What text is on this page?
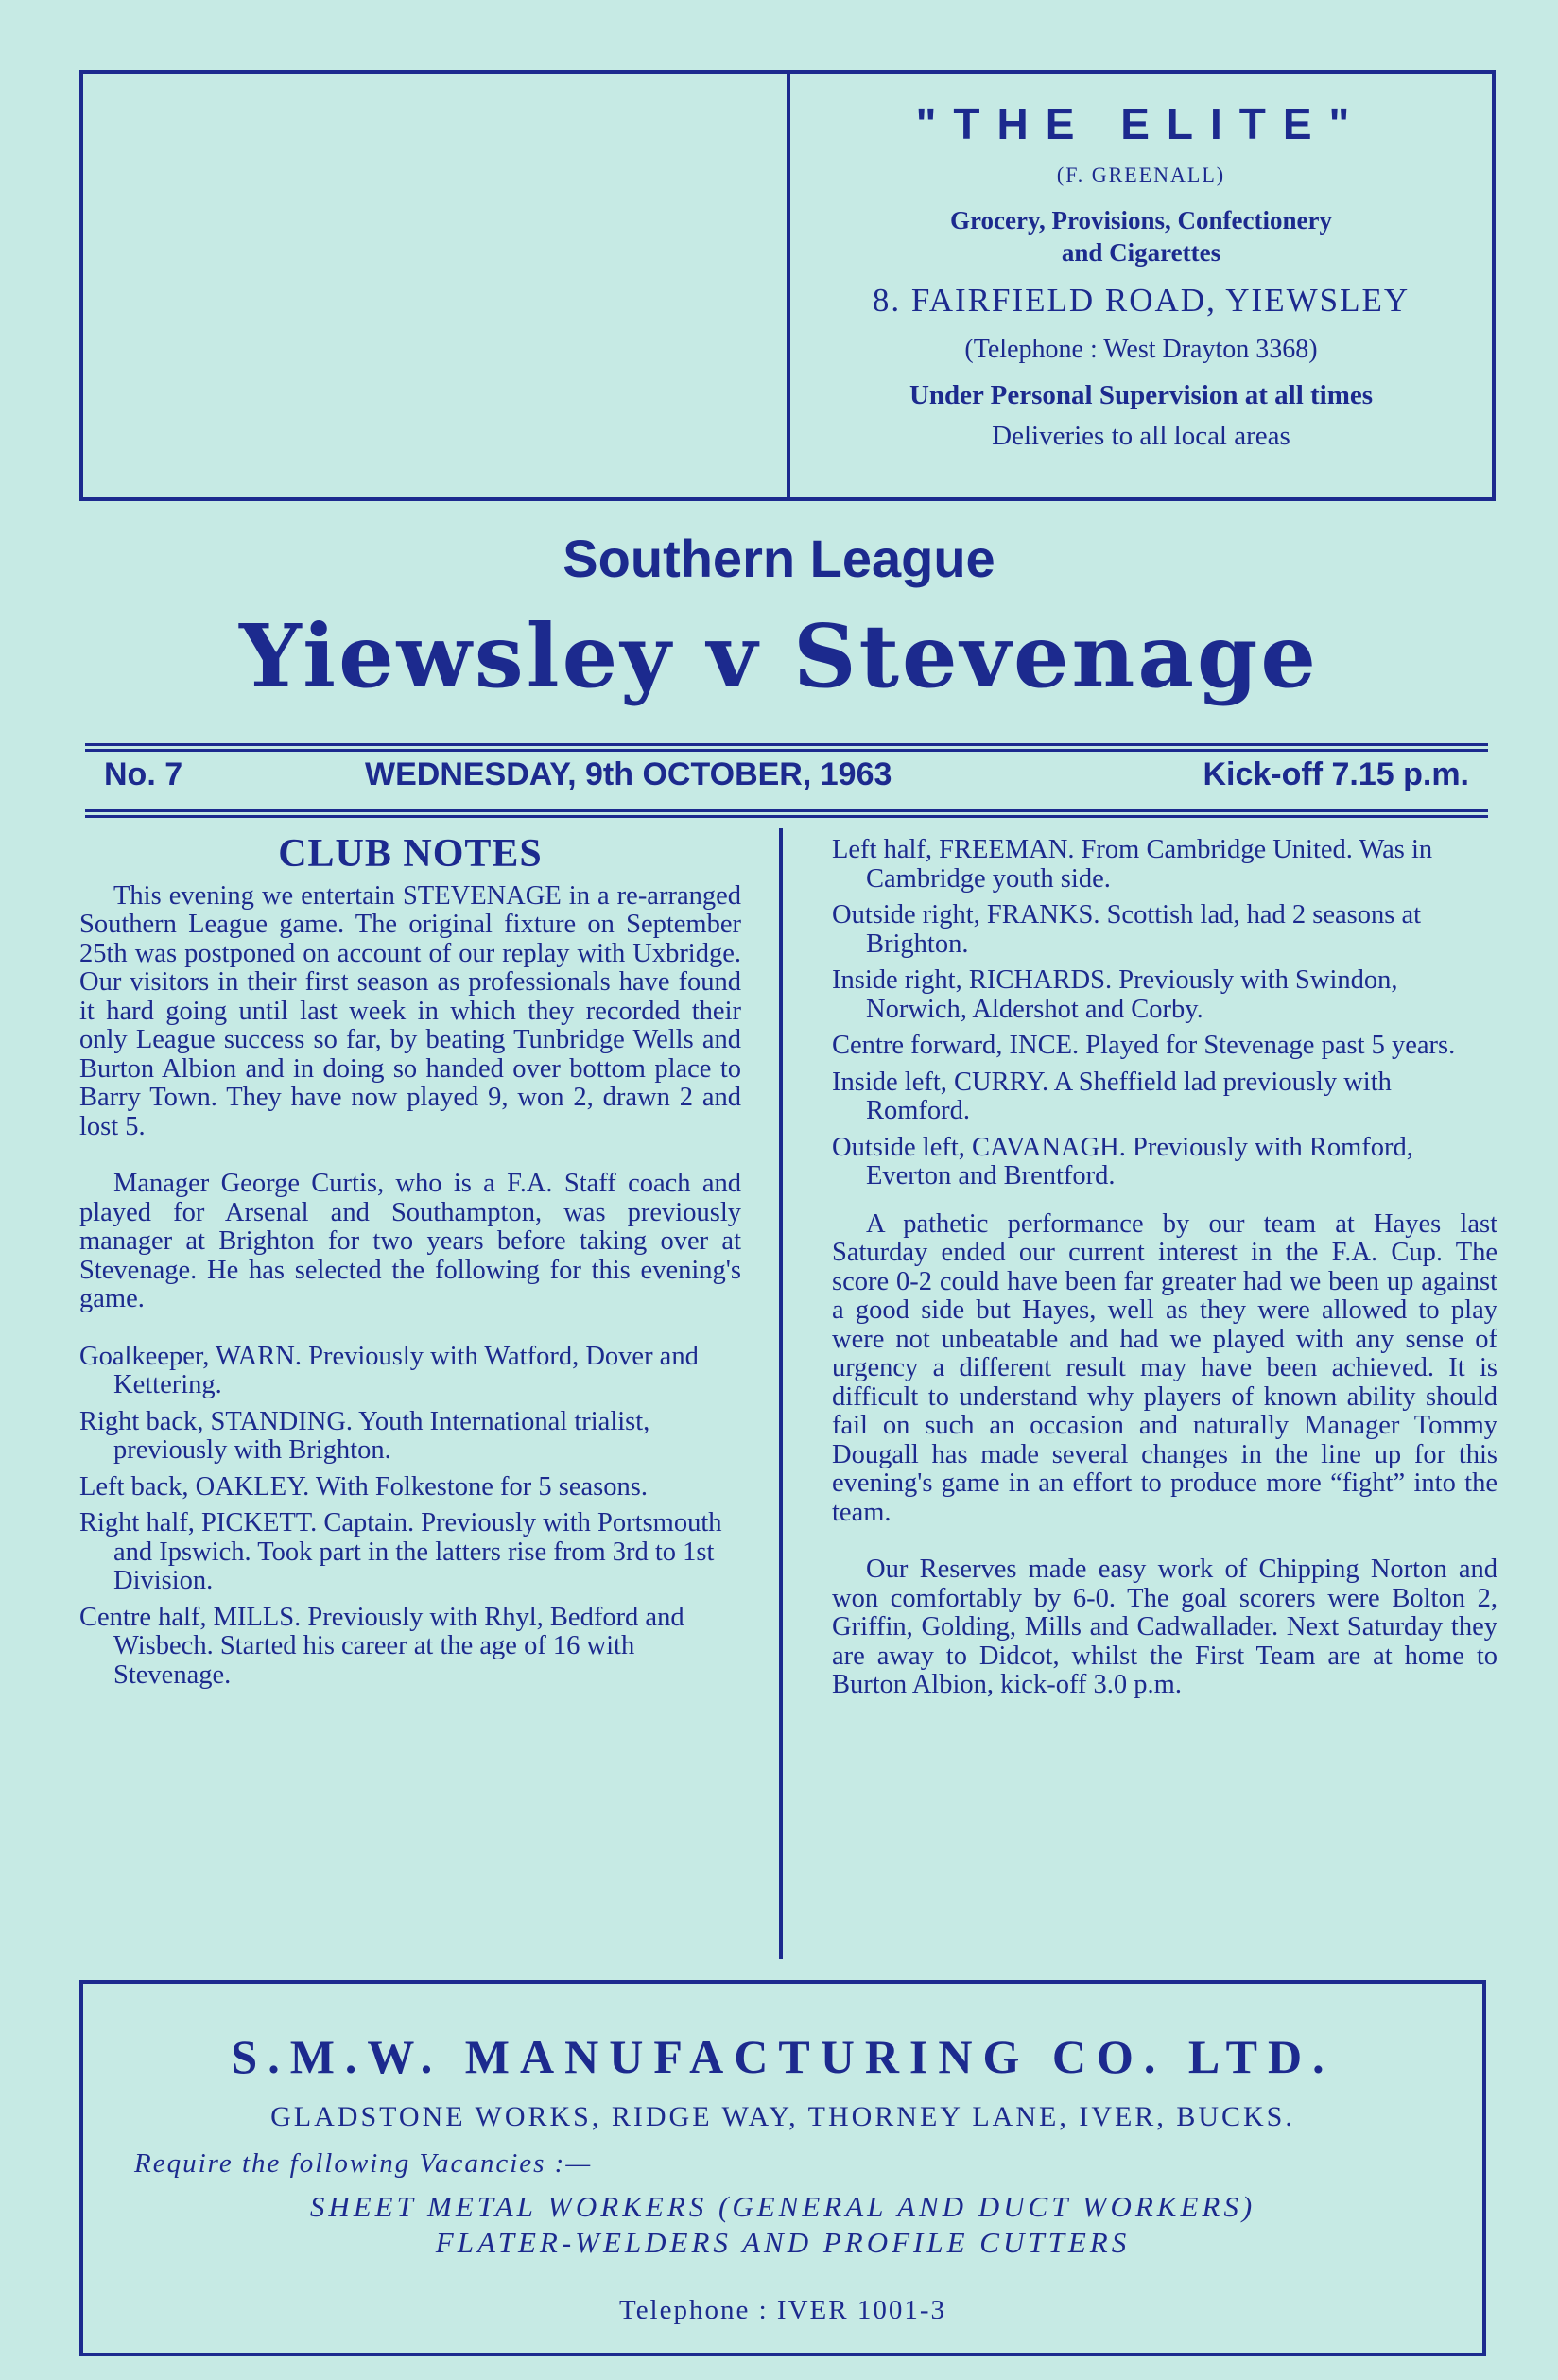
"THE ELITE"
(F. GREENALL)
Grocery, Provisions, Confectionery
and Cigarettes
8. FAIRFIELD ROAD, YIEWSLEY
(Telephone : West Drayton 3368)
Under Personal Supervision at all times
Deliveries to all local areas
Southern League
Yiewsley v Stevenage
No. 7	WEDNESDAY, 9th OCTOBER, 1963	Kick-off 7.15 p.m.
CLUB NOTES

This evening we entertain STEVENAGE in a re-arranged Southern League game. The original fixture on September 25th was postponed on account of our replay with Uxbridge. Our visitors in their first season as professionals have found it hard going until last week in which they recorded their only League success so far, by beating Tunbridge Wells and Burton Albion and in doing so handed over bottom place to Barry Town. They have now played 9, won 2, drawn 2 and lost 5.

Manager George Curtis, who is a F.A. Staff coach and played for Arsenal and Southampton, was previously manager at Brighton for two years before taking over at Stevenage. He has selected the following for this evening's game.

Goalkeeper, WARN. Previously with Watford, Dover and Kettering.

Right back, STANDING. Youth International trialist, previously with Brighton.

Left back, OAKLEY. With Folkestone for 5 seasons.

Right half, PICKETT. Captain. Previously with Portsmouth and Ipswich. Took part in the latters rise from 3rd to 1st Division.

Centre half, MILLS. Previously with Rhyl, Bedford and Wisbech. Started his career at the age of 16 with Stevenage.

Left half, FREEMAN. From Cambridge United. Was in Cambridge youth side.

Outside right, FRANKS. Scottish lad, had 2 seasons at Brighton.

Inside right, RICHARDS. Previously with Swindon, Norwich, Aldershot and Corby.

Centre forward, INCE. Played for Stevenage past 5 years.

Inside left, CURRY. A Sheffield lad previously with Romford.

Outside left, CAVANAGH. Previously with Romford, Everton and Brentford.

A pathetic performance by our team at Hayes last Saturday ended our current interest in the F.A. Cup. The score 0-2 could have been far greater had we been up against a good side but Hayes, well as they were allowed to play were not unbeatable and had we played with any sense of urgency a different result may have been achieved. It is difficult to understand why players of known ability should fail on such an occasion and naturally Manager Tommy Dougall has made several changes in the line up for this evening's game in an effort to produce more “fight” into the team.

Our Reserves made easy work of Chipping Norton and won comfortably by 6-0. The goal scorers were Bolton 2, Griffin, Golding, Mills and Cadwallader. Next Saturday they are away to Didcot, whilst the First Team are at home to Burton Albion, kick-off 3.0 p.m.

S.M.W. MANUFACTURING CO. LTD.
GLADSTONE WORKS, RIDGE WAY, THORNEY LANE, IVER, BUCKS.
Require the following Vacancies :—
SHEET METAL WORKERS (GENERAL AND DUCT WORKERS)
FLATER-WELDERS AND PROFILE CUTTERS
Telephone : IVER 1001-3
